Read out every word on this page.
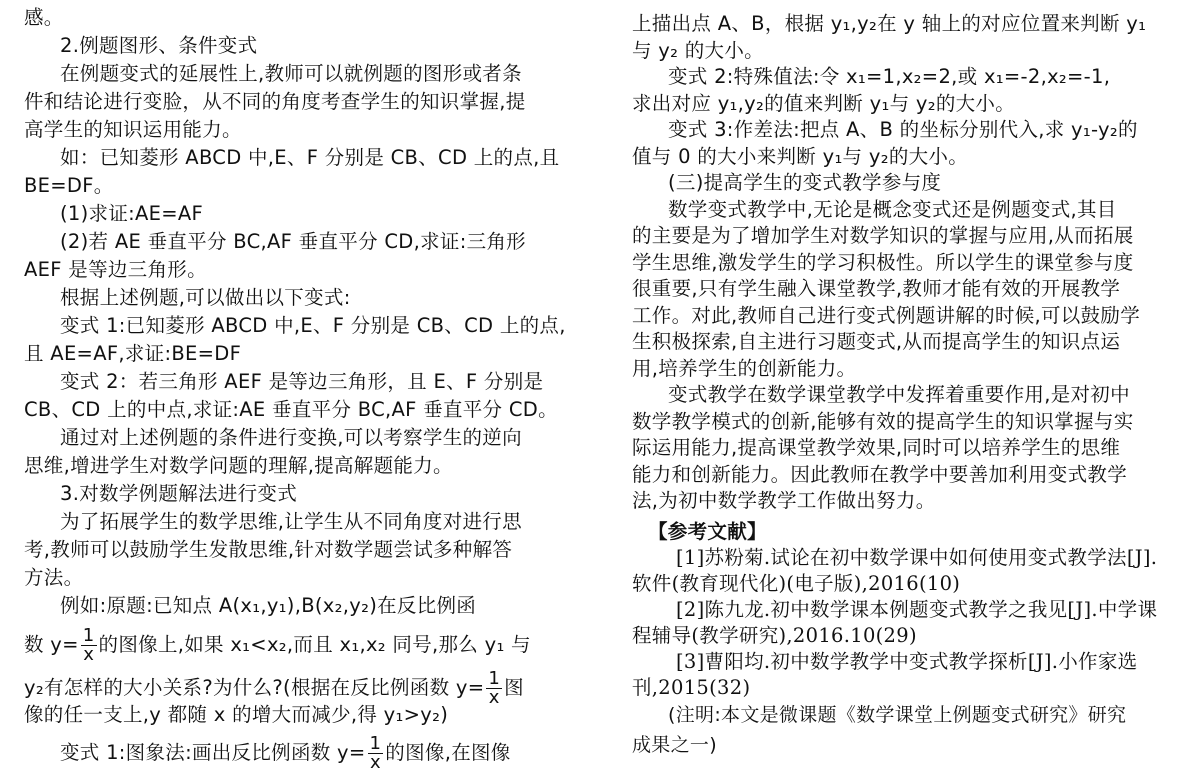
感。
2.例题图形、条件变式
在例题变式的延展性上,教师可以就例题的图形或者条
件和结论进行变脸，从不同的角度考查学生的知识掌握,提
高学生的知识运用能力。
如：已知菱形 ABCD 中,E、F 分别是 CB、CD 上的点,且
BE=DF。
(1)求证:AE=AF
(2)若 AE 垂直平分 BC,AF 垂直平分 CD,求证:三角形
AEF 是等边三角形。
根据上述例题,可以做出以下变式:
变式 1:已知菱形 ABCD 中,E、F 分别是 CB、CD 上的点,
且 AE=AF,求证:BE=DF
变式 2：若三角形 AEF 是等边三角形，且 E、F 分别是
CB、CD 上的中点,求证:AE 垂直平分 BC,AF 垂直平分 CD。
通过对上述例题的条件进行变换,可以考察学生的逆向
思维,增进学生对数学问题的理解,提高解题能力。
3.对数学例题解法进行变式
为了拓展学生的数学思维,让学生从不同角度对进行思
考,教师可以鼓励学生发散思维,针对数学题尝试多种解答
方法。
例如:原题:已知点 A(x₁,y₁),B(x₂,y₂)在反比例函
数 $y= \frac{1}{x}$ 的图像上,如果 x₁<x₂,而且 x₁,x₂ 同号,那么 y₁ 与
y₂有怎样的大小关系?为什么?(根据在反比例函数 $y= \frac{1}{x}$ 图
像的任一支上,y 都随 x 的增大而减少,得 y₁>y₂)
变式 1:图象法:画出反比例函数 $y= \frac{1}{x}$ 的图像,在图像
上描出点 A、B，根据 y₁,y₂在 y 轴上的对应位置来判断 y₁
与 y₂ 的大小。
变式 2:特殊值法:令 x₁=1,x₂=2,或 x₁=-2,x₂=-1,
求出对应 y₁,y₂的值来判断 y₁与 y₂的大小。
变式 3:作差法:把点 A、B 的坐标分别代入,求 y₁-y₂的
值与 0 的大小来判断 y₁与 y₂的大小。
(三)提高学生的变式教学参与度
数学变式教学中,无论是概念变式还是例题变式,其目
的主要是为了增加学生对数学知识的掌握与应用,从而拓展
学生思维,激发学生的学习积极性。所以学生的课堂参与度
很重要,只有学生融入课堂教学,教师才能有效的开展教学
工作。对此,教师自己进行变式例题讲解的时候,可以鼓励学
生积极探索,自主进行习题变式,从而提高学生的知识点运
用,培养学生的创新能力。
变式教学在数学课堂教学中发挥着重要作用,是对初中
数学教学模式的创新,能够有效的提高学生的知识掌握与实
际运用能力,提高课堂教学效果,同时可以培养学生的思维
能力和创新能力。因此教师在教学中要善加利用变式教学
法,为初中数学教学工作做出努力。
【参考文献】
[1]苏粉菊.试论在初中数学课中如何使用变式教学法[J].
软件(教育现代化)(电子版),2016(10)
[2]陈九龙.初中数学课本例题变式教学之我见[J].中学课
程辅导(教学研究),2016.10(29)
[3]曹阳均.初中数学教学中变式教学探析[J].小作家选
刊,2015(32)
(注明:本文是微课题《数学课堂上例题变式研究》研究
成果之一)
